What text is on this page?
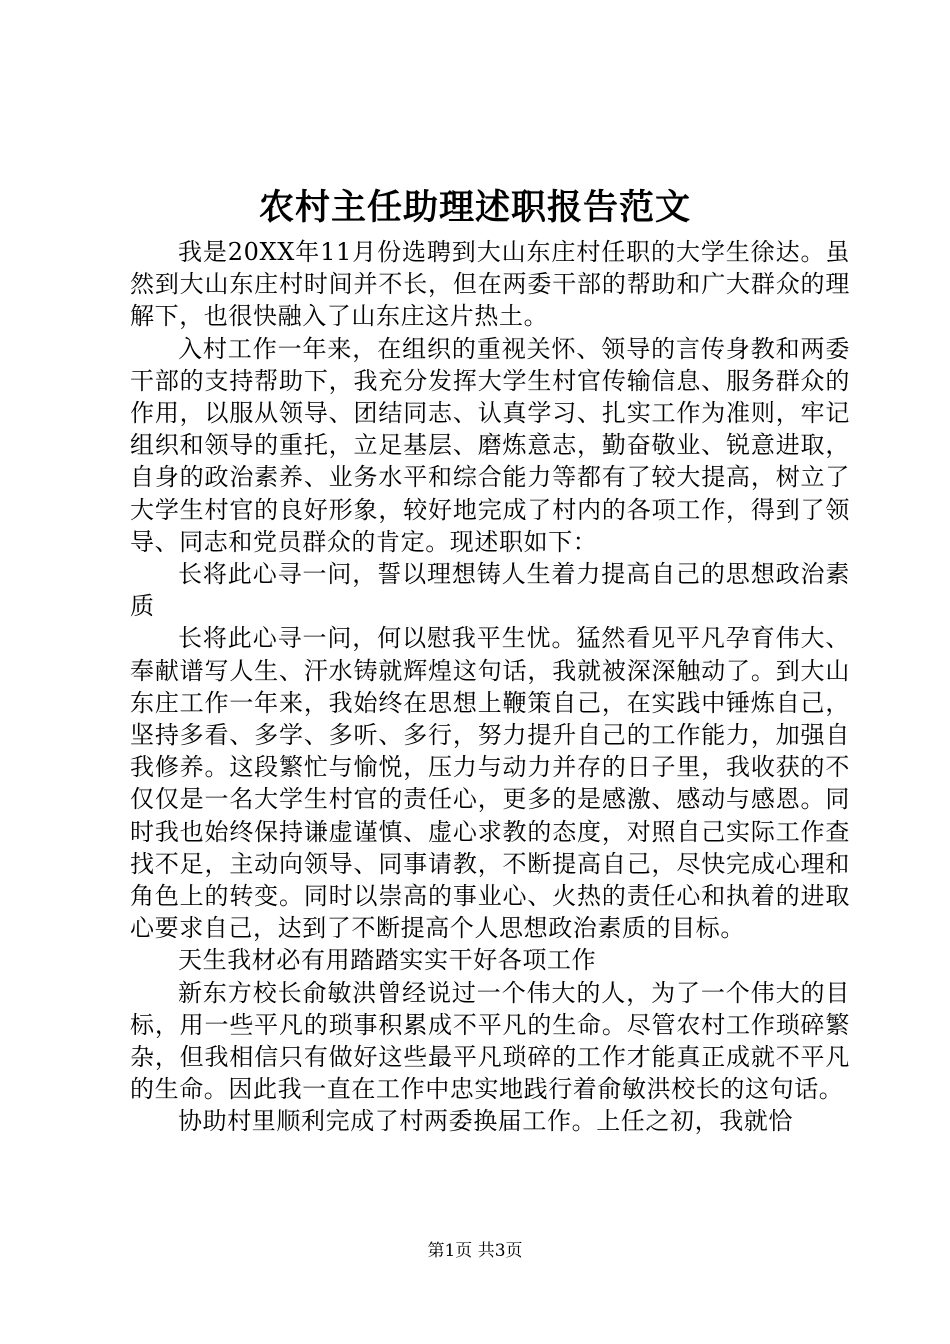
农村主任助理述职报告范文

我是20XX年11月份选聘到大山东庄村任职的大学生徐达。虽然到大山东庄村时间并不长，但在两委干部的帮助和广大群众的理解下，也很快融入了山东庄这片热土。

入村工作一年来，在组织的重视关怀、领导的言传身教和两委干部的支持帮助下，我充分发挥大学生村官传输信息、服务群众的作用，以服从领导、团结同志、认真学习、扎实工作为准则，牢记组织和领导的重托，立足基层、磨炼意志，勤奋敬业、锐意进取，自身的政治素养、业务水平和综合能力等都有了较大提高，树立了大学生村官的良好形象，较好地完成了村内的各项工作，得到了领导、同志和党员群众的肯定。现述职如下：

长将此心寻一问，誓以理想铸人生着力提高自己的思想政治素质

长将此心寻一问，何以慰我平生忧。猛然看见平凡孕育伟大、奉献谱写人生、汗水铸就辉煌这句话，我就被深深触动了。到大山东庄工作一年来，我始终在思想上鞭策自己，在实践中锤炼自己，坚持多看、多学、多听、多行，努力提升自己的工作能力，加强自我修养。这段繁忙与愉悦，压力与动力并存的日子里，我收获的不仅仅是一名大学生村官的责任心，更多的是感激、感动与感恩。同时我也始终保持谦虚谨慎、虚心求教的态度，对照自己实际工作查找不足，主动向领导、同事请教，不断提高自己，尽快完成心理和角色上的转变。同时以崇高的事业心、火热的责任心和执着的进取心要求自己，达到了不断提高个人思想政治素质的目标。

天生我材必有用踏踏实实干好各项工作

新东方校长俞敏洪曾经说过一个伟大的人，为了一个伟大的目标，用一些平凡的琐事积累成不平凡的生命。尽管农村工作琐碎繁杂，但我相信只有做好这些最平凡琐碎的工作才能真正成就不平凡的生命。因此我一直在工作中忠实地践行着俞敏洪校长的这句话。

协助村里顺利完成了村两委换届工作。上任之初，我就恰

第1页 共3页
